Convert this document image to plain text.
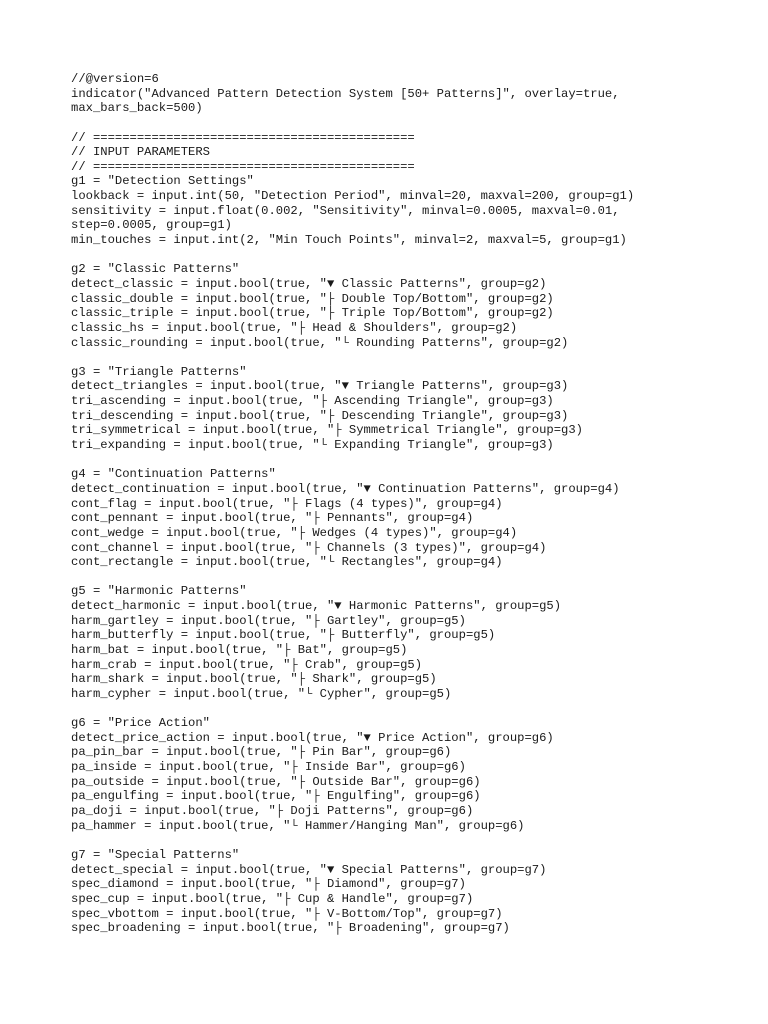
//@version=6
indicator("Advanced Pattern Detection System [50+ Patterns]", overlay=true,
max_bars_back=500)
// ============================================
// INPUT PARAMETERS
// ============================================
g1 = "Detection Settings"
lookback = input.int(50, "Detection Period", minval=20, maxval=200, group=g1)
sensitivity = input.float(0.002, "Sensitivity", minval=0.0005, maxval=0.01,
step=0.0005, group=g1)
min_touches = input.int(2, "Min Touch Points", minval=2, maxval=5, group=g1)
g2 = "Classic Patterns"
detect_classic = input.bool(true, "▼ Classic Patterns", group=g2)
classic_double = input.bool(true, "├ Double Top/Bottom", group=g2)
classic_triple = input.bool(true, "├ Triple Top/Bottom", group=g2)
classic_hs = input.bool(true, "├ Head & Shoulders", group=g2)
classic_rounding = input.bool(true, "└ Rounding Patterns", group=g2)
g3 = "Triangle Patterns"
detect_triangles = input.bool(true, "▼ Triangle Patterns", group=g3)
tri_ascending = input.bool(true, "├ Ascending Triangle", group=g3)
tri_descending = input.bool(true, "├ Descending Triangle", group=g3)
tri_symmetrical = input.bool(true, "├ Symmetrical Triangle", group=g3)
tri_expanding = input.bool(true, "└ Expanding Triangle", group=g3)
g4 = "Continuation Patterns"
detect_continuation = input.bool(true, "▼ Continuation Patterns", group=g4)
cont_flag = input.bool(true, "├ Flags (4 types)", group=g4)
cont_pennant = input.bool(true, "├ Pennants", group=g4)
cont_wedge = input.bool(true, "├ Wedges (4 types)", group=g4)
cont_channel = input.bool(true, "├ Channels (3 types)", group=g4)
cont_rectangle = input.bool(true, "└ Rectangles", group=g4)
g5 = "Harmonic Patterns"
detect_harmonic = input.bool(true, "▼ Harmonic Patterns", group=g5)
harm_gartley = input.bool(true, "├ Gartley", group=g5)
harm_butterfly = input.bool(true, "├ Butterfly", group=g5)
harm_bat = input.bool(true, "├ Bat", group=g5)
harm_crab = input.bool(true, "├ Crab", group=g5)
harm_shark = input.bool(true, "├ Shark", group=g5)
harm_cypher = input.bool(true, "└ Cypher", group=g5)
g6 = "Price Action"
detect_price_action = input.bool(true, "▼ Price Action", group=g6)
pa_pin_bar = input.bool(true, "├ Pin Bar", group=g6)
pa_inside = input.bool(true, "├ Inside Bar", group=g6)
pa_outside = input.bool(true, "├ Outside Bar", group=g6)
pa_engulfing = input.bool(true, "├ Engulfing", group=g6)
pa_doji = input.bool(true, "├ Doji Patterns", group=g6)
pa_hammer = input.bool(true, "└ Hammer/Hanging Man", group=g6)
g7 = "Special Patterns"
detect_special = input.bool(true, "▼ Special Patterns", group=g7)
spec_diamond = input.bool(true, "├ Diamond", group=g7)
spec_cup = input.bool(true, "├ Cup & Handle", group=g7)
spec_vbottom = input.bool(true, "├ V-Bottom/Top", group=g7)
spec_broadening = input.bool(true, "├ Broadening", group=g7)
